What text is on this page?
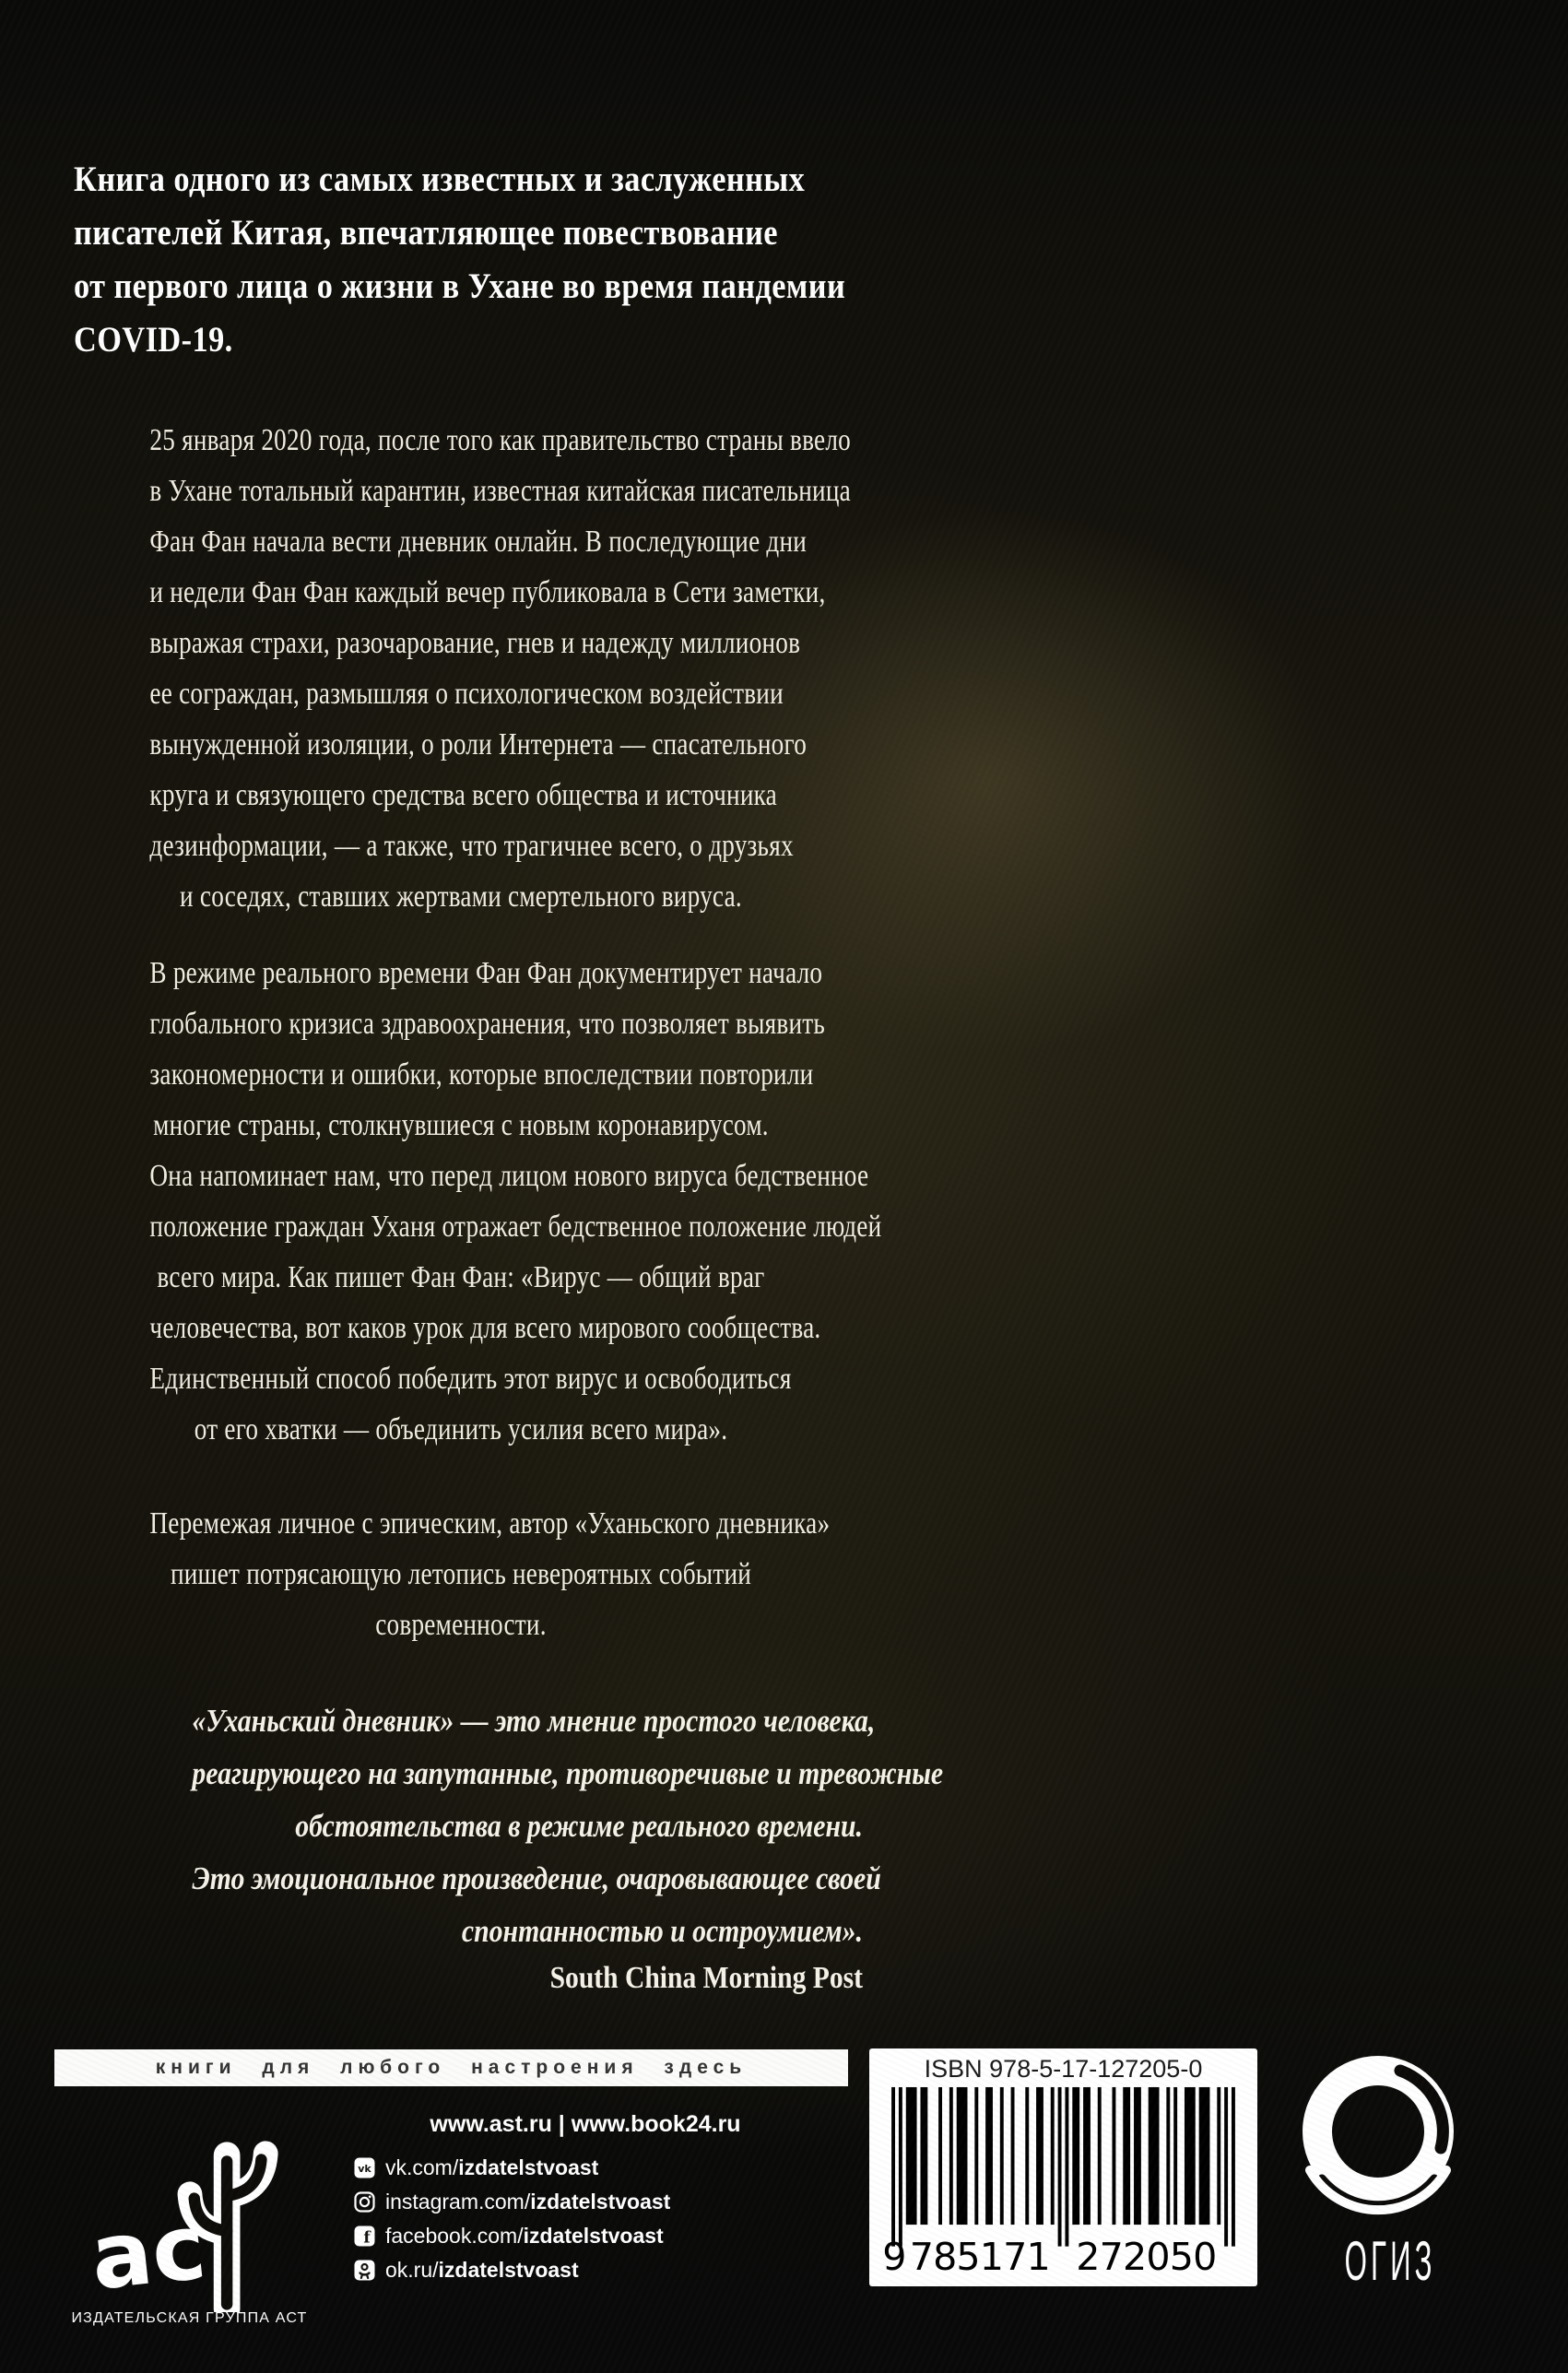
Книга одного из самых известных и заслуженных
писателей Китая, впечатляющее повествование
от первого лица о жизни в Ухане во время пандемии
COVID-19.
25 января 2020 года, после того как правительство страны ввело
в Ухане тотальный карантин, известная китайская писательница
Фан Фан начала вести дневник онлайн. В последующие дни
и недели Фан Фан каждый вечер публиковала в Сети заметки,
выражая страхи, разочарование, гнев и надежду миллионов
ее сограждан, размышляя о психологическом воздействии
вынужденной изоляции, о роли Интернета — спасательного
круга и связующего средства всего общества и источника
дезинформации, — а также, что трагичнее всего, о друзьях
и соседях, ставших жертвами смертельного вируса.
В режиме реального времени Фан Фан документирует начало
глобального кризиса здравоохранения, что позволяет выявить
закономерности и ошибки, которые впоследствии повторили
многие страны, столкнувшиеся с новым коронавирусом.
Она напоминает нам, что перед лицом нового вируса бедственное
положение граждан Уханя отражает бедственное положение людей
всего мира. Как пишет Фан Фан: «Вирус — общий враг
человечества, вот каков урок для всего мирового сообщества.
Единственный способ победить этот вирус и освободиться
от его хватки — объединить усилия всего мира».
Перемежая личное с эпическим, автор «Уханьского дневника»
пишет потрясающую летопись невероятных событий
современности.
«Уханьский дневник» — это мнение простого человека,
реагирующего на запутанные, противоречивые и тревожные
обстоятельства в режиме реального времени.
Это эмоциональное произведение, очаровывающее своей
спонтанностью и остроумием».
South China Morning Post
книги для любого настроения здесь
ас
ИЗДАТЕЛЬСКАЯ ГРУППА АСТ
www.ast.ru | www.book24.ru
vk vk.com/izdatelstvoast
instagram.com/izdatelstvoast
f facebook.com/izdatelstvoast
ok.ru/izdatelstvoast
ISBN 978-5-17-127205-0
9 785171 272050 ОГИЗ
